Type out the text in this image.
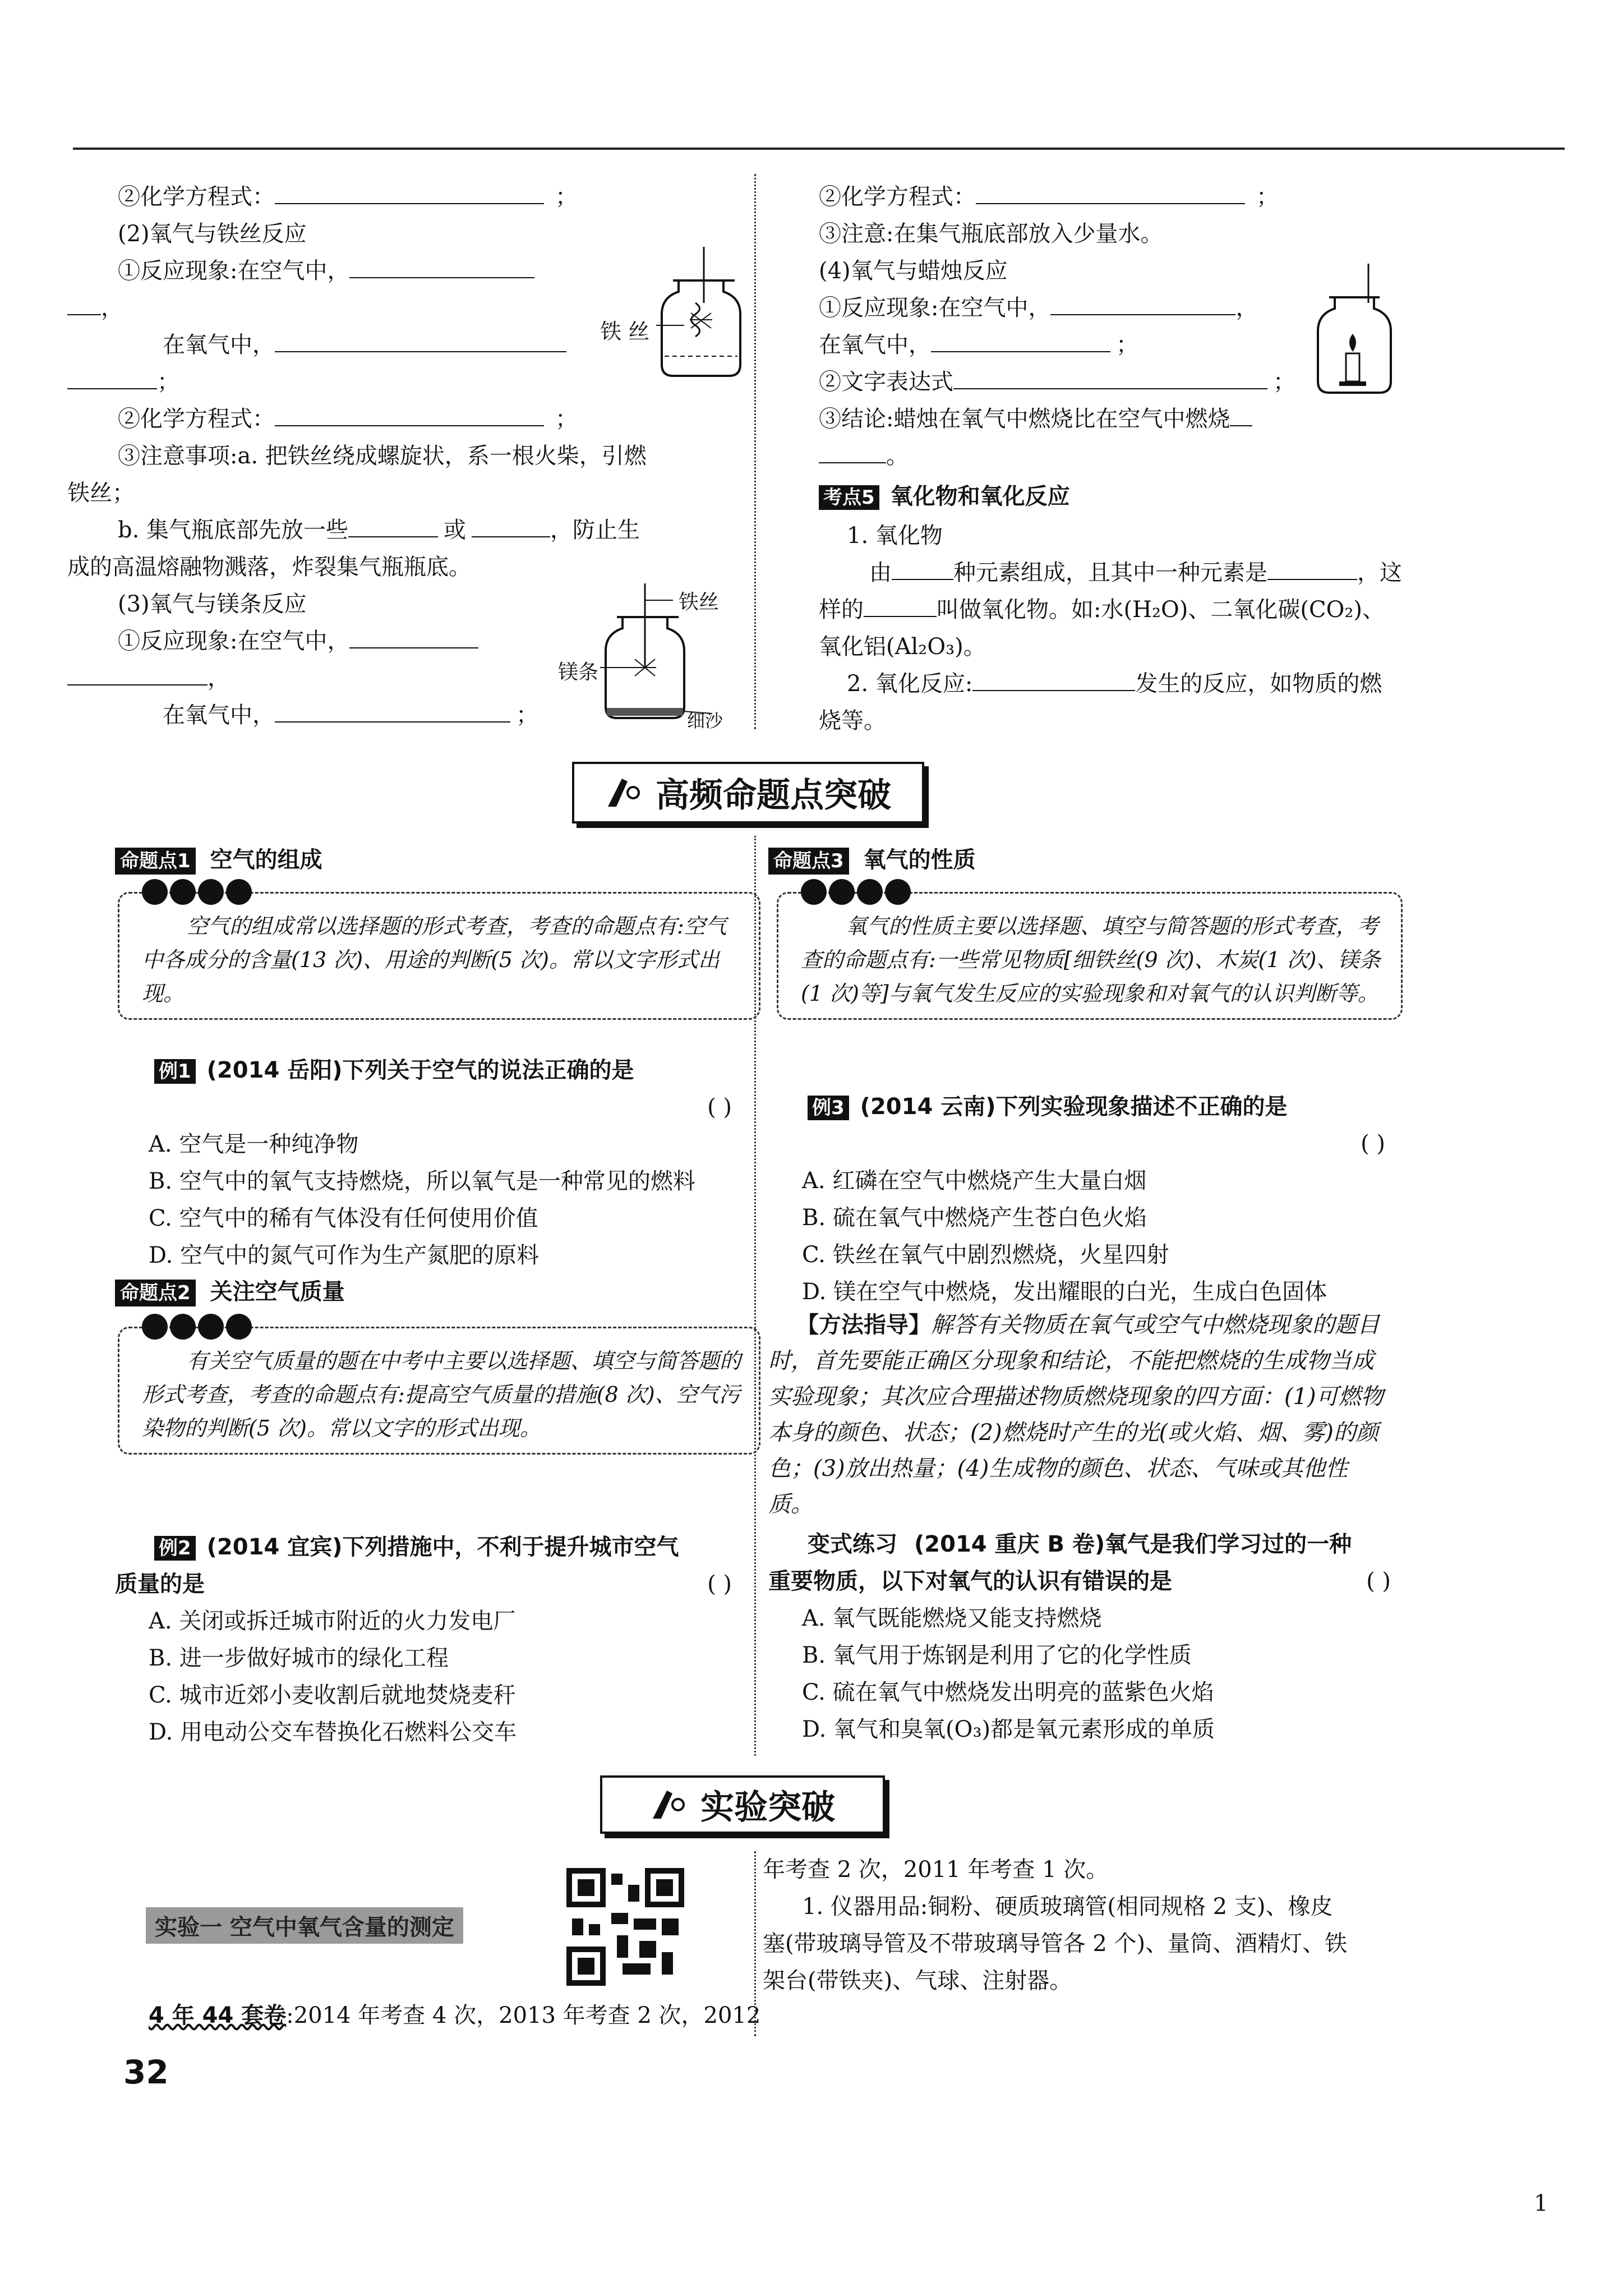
②化学方程式：	；
(2)氧气与铁丝反应
①反应现象:在空气中，
，
在氧气中，
；
②化学方程式：	；
③注意事项:a. 把铁丝绕成螺旋状，系一根火柴，引燃
铁丝；
b. 集气瓶底部先放一些	或	，防止生
成的高温熔融物溅落，炸裂集气瓶瓶底。
(3)氧气与镁条反应
①反应现象:在空气中，
，
在氧气中，	；
铁 丝
铁丝
镁条
细沙
②化学方程式：	；
③注意:在集气瓶底部放入少量水。
(4)氧气与蜡烛反应
①反应现象:在空气中，	，
在氧气中，	；
②文字表达式	；
③结论:蜡烛在氧气中燃烧比在空气中燃烧
。
考点5 氧化物和氧化反应
1. 氧化物
由	种元素组成，且其中一种元素是	，这
样的	叫做氧化物。如:水(H₂O)、二氧化碳(CO₂)、
氧化铝(Al₂O₃)。
2. 氧化反应:	发生的反应，如物质的燃
烧等。
高频命题点突破
命题点1 空气的组成
空气的组成常以选择题的形式考查，考查的命题点有:空气中各成分的含量(13 次)、用途的判断(5 次)。常以文字形式出现。
例1 (2014 岳阳)下列关于空气的说法正确的是
( )
A. 空气是一种纯净物
B. 空气中的氧气支持燃烧，所以氧气是一种常见的燃料
C. 空气中的稀有气体没有任何使用价值
D. 空气中的氮气可作为生产氮肥的原料
命题点2 关注空气质量
有关空气质量的题在中考中主要以选择题、填空与简答题的形式考查，考查的命题点有:提高空气质量的措施(8 次)、空气污染物的判断(5 次)。常以文字的形式出现。
例2 (2014 宜宾)下列措施中，不利于提升城市空气
质量的是	( )
A. 关闭或拆迁城市附近的火力发电厂
B. 进一步做好城市的绿化工程
C. 城市近郊小麦收割后就地焚烧麦秆
D. 用电动公交车替换化石燃料公交车
命题点3 氧气的性质
氧气的性质主要以选择题、填空与简答题的形式考查，考查的命题点有:一些常见物质[细铁丝(9 次)、木炭(1 次)、镁条(1 次)等]与氧气发生反应的实验现象和对氧气的认识判断等。
例3 (2014 云南)下列实验现象描述不正确的是
( )
A. 红磷在空气中燃烧产生大量白烟
B. 硫在氧气中燃烧产生苍白色火焰
C. 铁丝在氧气中剧烈燃烧，火星四射
D. 镁在空气中燃烧，发出耀眼的白光，生成白色固体
【方法指导】解答有关物质在氧气或空气中燃烧现象的题目时，首先要能正确区分现象和结论，不能把燃烧的生成物当成实验现象；其次应合理描述物质燃烧现象的四方面：(1)可燃物本身的颜色、状态；(2)燃烧时产生的光(或火焰、烟、雾)的颜色；(3)放出热量；(4)生成物的颜色、状态、气味或其他性质。
变式练习 (2014 重庆 B 卷)氧气是我们学习过的一种
重要物质，以下对氧气的认识有错误的是	( )
A. 氧气既能燃烧又能支持燃烧
B. 氧气用于炼钢是利用了它的化学性质
C. 硫在氧气中燃烧发出明亮的蓝紫色火焰
D. 氧气和臭氧(O₃)都是氧元素形成的单质
实验突破
实验一 空气中氧气含量的测定
4 年 44 套卷:2014 年考查 4 次，2013 年考查 2 次，2012
年考查 2 次，2011 年考查 1 次。
1. 仪器用品:铜粉、硬质玻璃管(相同规格 2 支)、橡皮
塞(带玻璃导管及不带玻璃导管各 2 个)、量筒、酒精灯、铁
架台(带铁夹)、气球、注射器。
32
1
